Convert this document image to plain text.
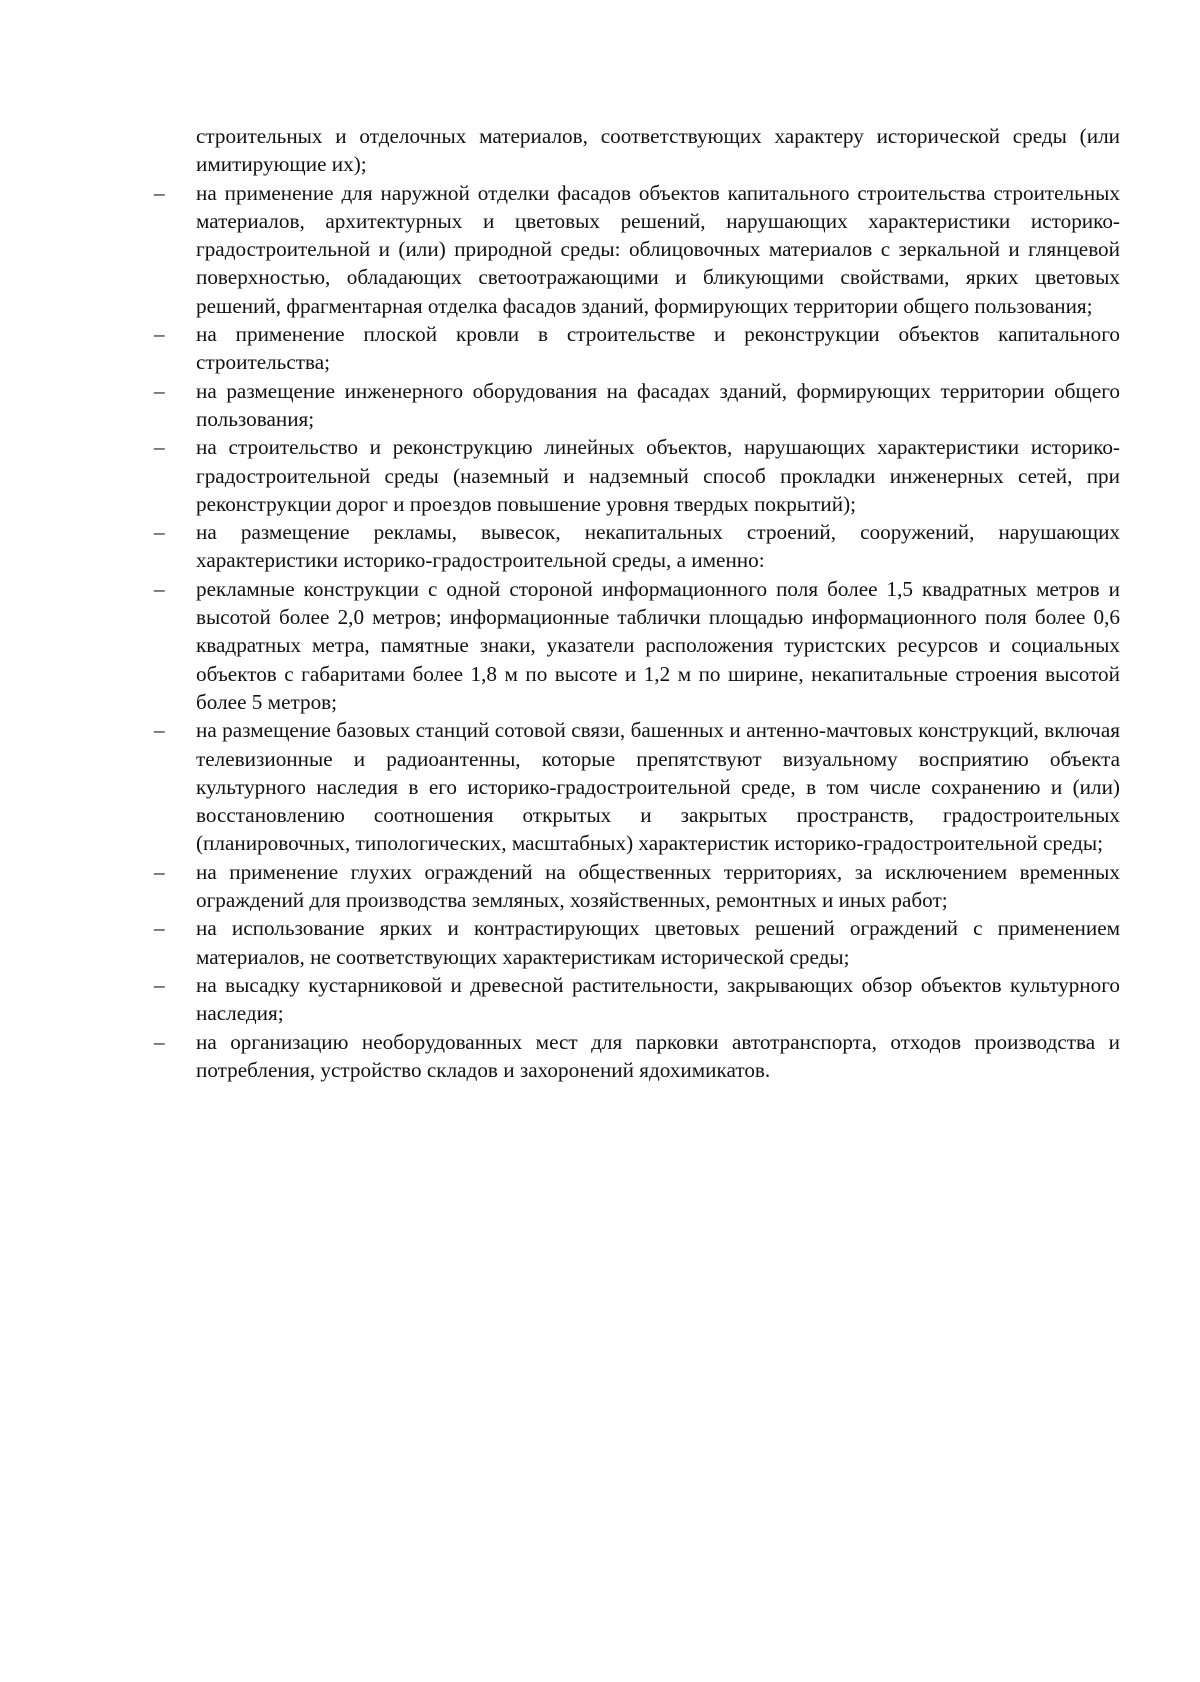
строительных и отделочных материалов, соответствующих характеру исторической среды (или имитирующие их);

–	на применение для наружной отделки фасадов объектов капитального строительства строительных материалов, архитектурных и цветовых решений, нарушающих характеристики историко-градостроительной и (или) природной среды: облицовочных материалов с зеркальной и глянцевой поверхностью, обладающих светоотражающими и бликующими свойствами, ярких цветовых решений, фрагментарная отделка фасадов зданий, формирующих территории общего пользования;

–	на применение плоской кровли в строительстве и реконструкции объектов капитального строительства;

–	на размещение инженерного оборудования на фасадах зданий, формирующих территории общего пользования;

–	на строительство и реконструкцию линейных объектов, нарушающих характеристики историко-градостроительной среды (наземный и надземный способ прокладки инженерных сетей, при реконструкции дорог и проездов повышение уровня твердых покрытий);

–	на размещение рекламы, вывесок, некапитальных строений, сооружений, нарушающих характеристики историко-градостроительной среды, а именно:

–	рекламные конструкции с одной стороной информационного поля более 1,5 квадратных метров и высотой более 2,0 метров; информационные таблички площадью информационного поля более 0,6 квадратных метра, памятные знаки, указатели расположения туристских ресурсов и социальных объектов с габаритами более 1,8 м по высоте и 1,2 м по ширине, некапитальные строения высотой более 5 метров;

–	на размещение базовых станций сотовой связи, башенных и антенно-мачтовых конструкций, включая телевизионные и радиоантенны, которые препятствуют визуальному восприятию объекта культурного наследия в его историко-градостроительной среде, в том числе сохранению и (или) восстановлению соотношения открытых и закрытых пространств, градостроительных (планировочных, типологических, масштабных) характеристик историко-градостроительной среды;

–	на применение глухих ограждений на общественных территориях, за исключением временных ограждений для производства земляных, хозяйственных, ремонтных и иных работ;

–	на использование ярких и контрастирующих цветовых решений ограждений с применением материалов, не соответствующих характеристикам исторической среды;

–	на высадку кустарниковой и древесной растительности, закрывающих обзор объектов культурного наследия;

–	на организацию необорудованных мест для парковки автотранспорта, отходов производства и потребления, устройство складов и захоронений ядохимикатов.
